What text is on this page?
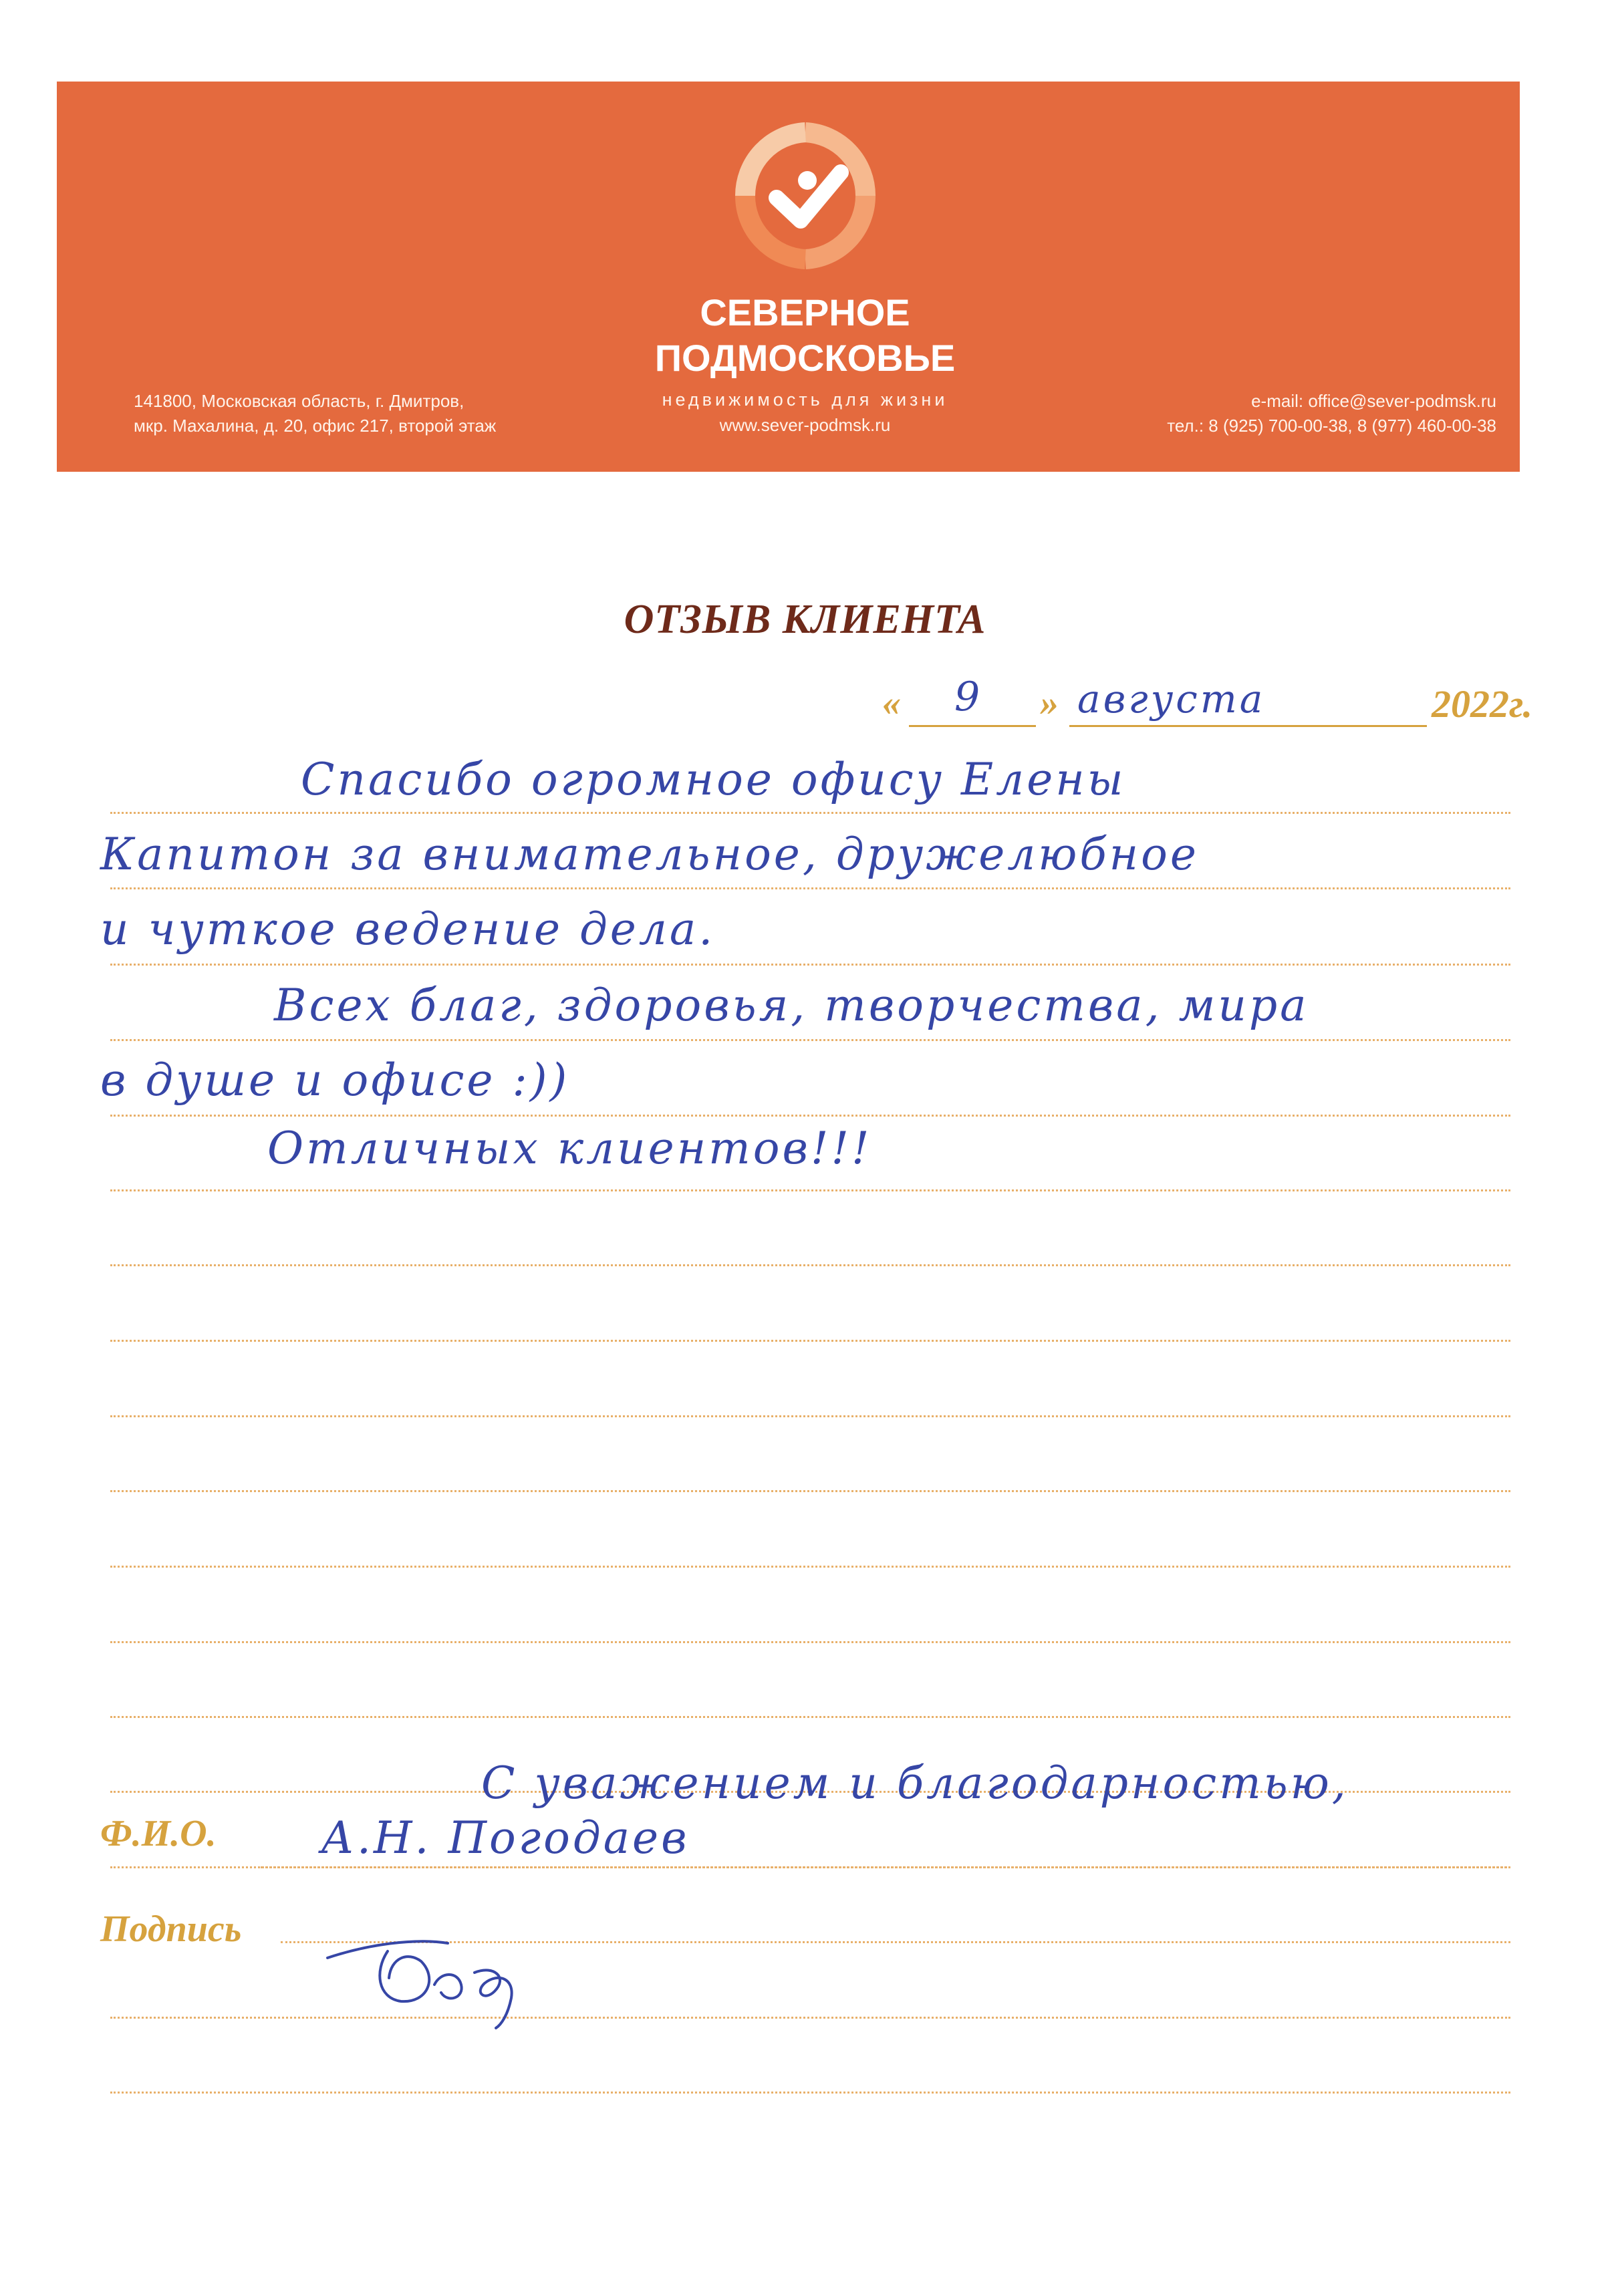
СЕВЕРНОЕ
ПОДМОСКОВЬЕ
недвижимость для жизни
www.sever-podmsk.ru
141800, Московская область, г. Дмитров,
мкр. Махалина, д. 20, офис 217, второй этаж
e-mail: office@sever-podmsk.ru
тел.: 8 (925) 700-00-38, 8 (977) 460-00-38
ОТЗЫВ КЛИЕНТА
« 9 » августа	2022г.
Спасибо огромное офису Елены
Капитон за внимательное, дружелюбное
и чуткое ведение дела.
Всех благ, здоровья, творчества, мира
в душе и офисе :))
Отличных клиентов!!!
С уважением и благодарностью,
Ф.И.О. А.Н. Погодаев
Подпись
